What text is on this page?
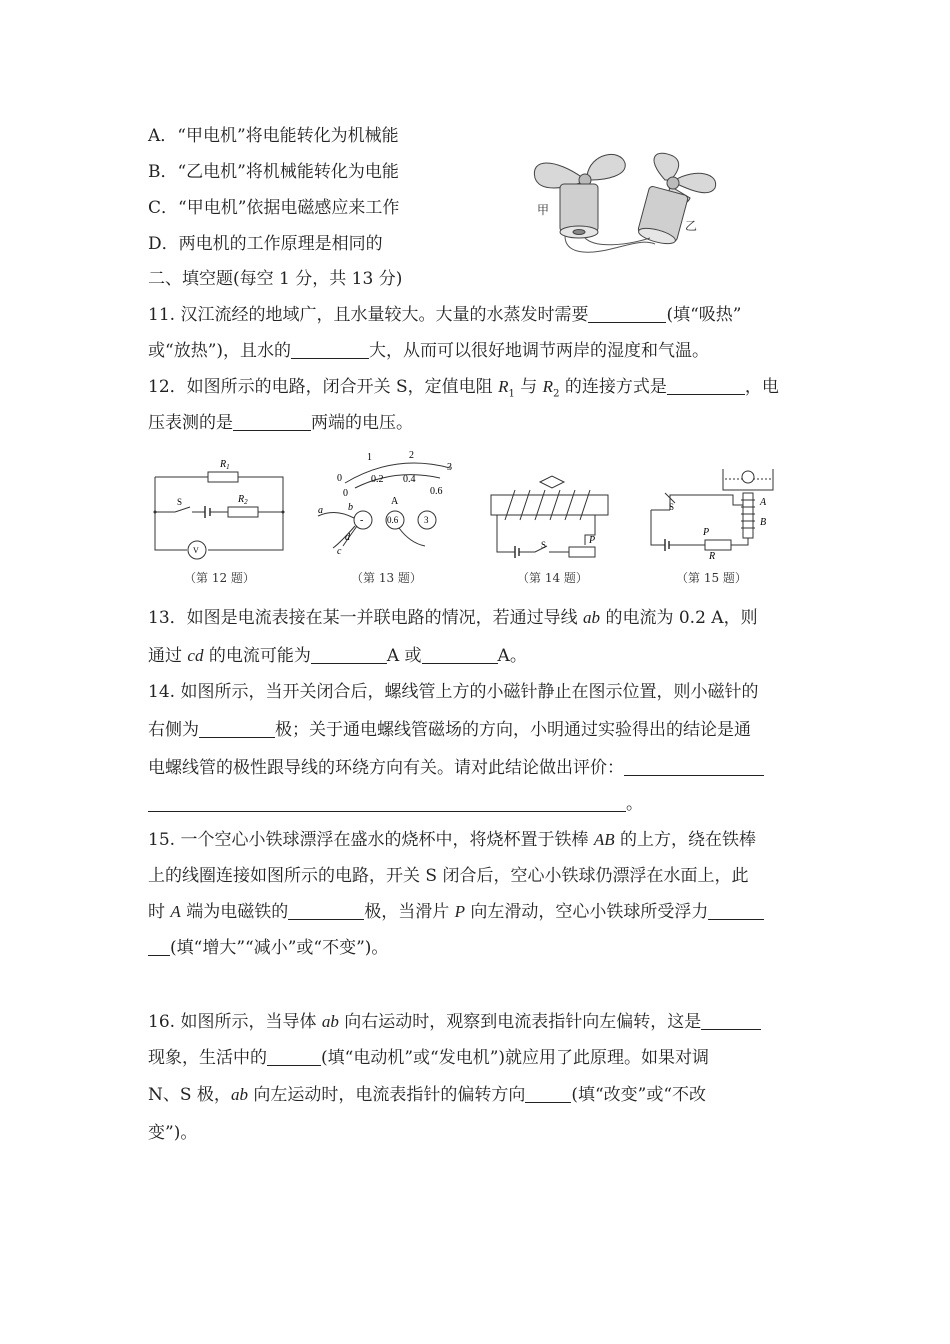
A．“甲电机”将电能转化为机械能
B．“乙电机”将机械能转化为电能
C．“甲电机”依据电磁感应来工作
D．两电机的工作原理是相同的
甲
乙
二、填空题(每空 1 分，共 13 分)
11. 汉江流经的地域广，且水量较大。大量的水蒸发时需要	(填“吸热”
或“放热”)，且水的	大，从而可以很好地调节两岸的湿度和气温。
12．如图所示的电路，闭合开关 S，定值电阻 $R_1$ 与 $R_2$ 的连接方式是	，电
压表测的是	两端的电压。
$R_1$
$R_2$
S
V
（第 12 题）
0
1	2
3
0
0.2 0.4
0.6
A
a	b
c
d
-	0.6	3
（第 13 题）
S	P
（第 14 题）
S	A
B
P
R
（第 15 题）
13．如图是电流表接在某一并联电路的情况，若通过导线 ab 的电流为 0.2 A，则
通过 cd 的电流可能为	A 或	A。
14. 如图所示，当开关闭合后，螺线管上方的小磁针静止在图示位置，则小磁针的
右侧为	极；关于通电螺线管磁场的方向，小明通过实验得出的结论是通
电螺线管的极性跟导线的环绕方向有关。请对此结论做出评价：
。
15. 一个空心小铁球漂浮在盛水的烧杯中，将烧杯置于铁棒 AB 的上方，绕在铁棒
上的线圈连接如图所示的电路，开关 S 闭合后，空心小铁球仍漂浮在水面上，此
时 A 端为电磁铁的	极，当滑片 P 向左滑动，空心小铁球所受浮力
(填“增大”“减小”或“不变”)。
16. 如图所示，当导体 ab 向右运动时，观察到电流表指针向左偏转，这是
现象，生活中的	(填“电动机”或“发电机”)就应用了此原理。如果对调
N、S 极，ab 向左运动时，电流表指针的偏转方向	(填“改变”或“不改
变”)。
